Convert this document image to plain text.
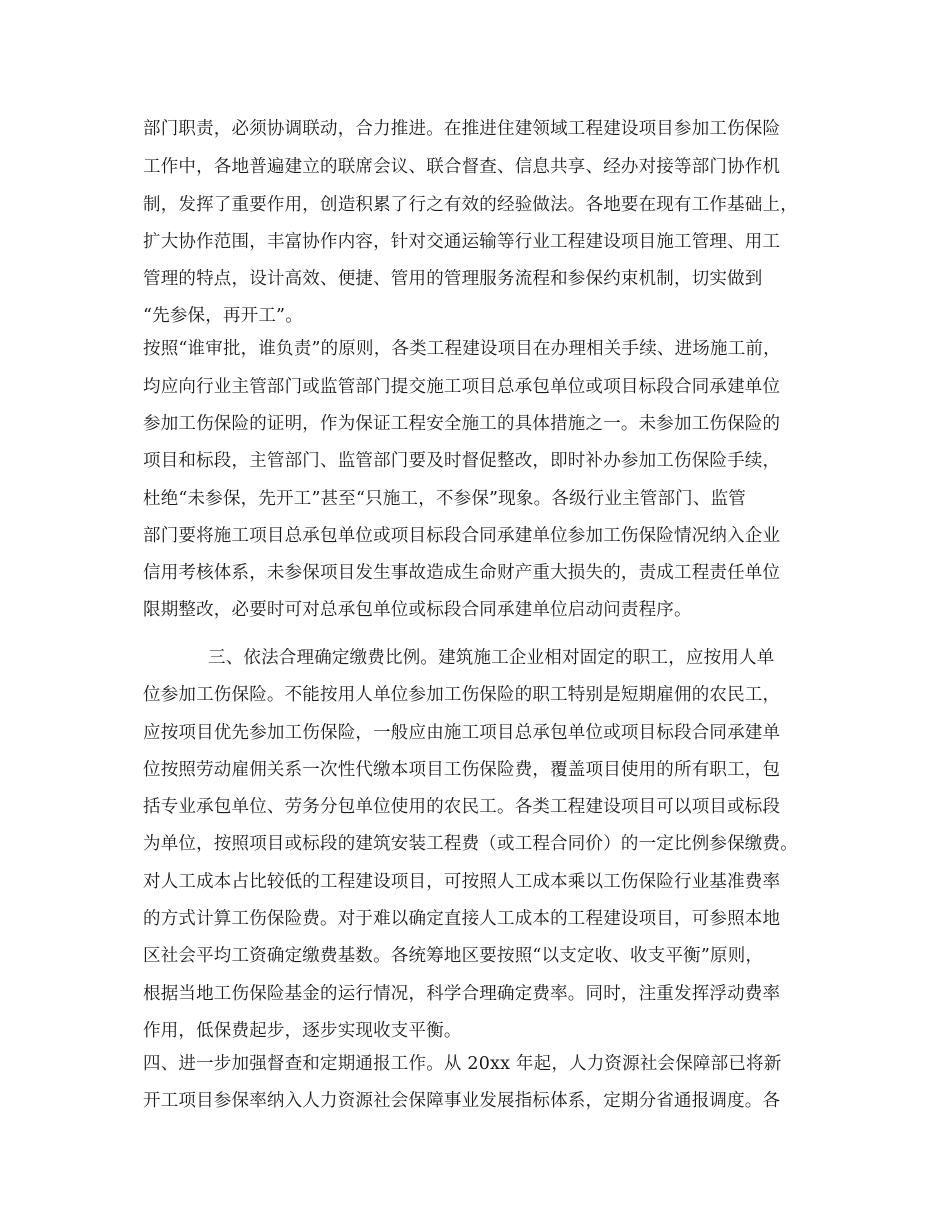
部门职责，必须协调联动，合力推进。在推进住建领域工程建设项目参加工伤保险
工作中，各地普遍建立的联席会议、联合督查、信息共享、经办对接等部门协作机
制，发挥了重要作用，创造积累了行之有效的经验做法。各地要在现有工作基础上，
扩大协作范围，丰富协作内容，针对交通运输等行业工程建设项目施工管理、用工
管理的特点，设计高效、便捷、管用的管理服务流程和参保约束机制，切实做到
“先参保，再开工”。
按照“谁审批，谁负责”的原则，各类工程建设项目在办理相关手续、进场施工前，
均应向行业主管部门或监管部门提交施工项目总承包单位或项目标段合同承建单位
参加工伤保险的证明，作为保证工程安全施工的具体措施之一。未参加工伤保险的
项目和标段，主管部门、监管部门要及时督促整改，即时补办参加工伤保险手续，
杜绝“未参保，先开工”甚至“只施工，不参保”现象。各级行业主管部门、监管
部门要将施工项目总承包单位或项目标段合同承建单位参加工伤保险情况纳入企业
信用考核体系，未参保项目发生事故造成生命财产重大损失的，责成工程责任单位
限期整改，必要时可对总承包单位或标段合同承建单位启动问责程序。
三、依法合理确定缴费比例。建筑施工企业相对固定的职工，应按用人单
位参加工伤保险。不能按用人单位参加工伤保险的职工特别是短期雇佣的农民工，
应按项目优先参加工伤保险，一般应由施工项目总承包单位或项目标段合同承建单
位按照劳动雇佣关系一次性代缴本项目工伤保险费，覆盖项目使用的所有职工，包
括专业承包单位、劳务分包单位使用的农民工。各类工程建设项目可以项目或标段
为单位，按照项目或标段的建筑安装工程费（或工程合同价）的一定比例参保缴费。
对人工成本占比较低的工程建设项目，可按照人工成本乘以工伤保险行业基准费率
的方式计算工伤保险费。对于难以确定直接人工成本的工程建设项目，可参照本地
区社会平均工资确定缴费基数。各统筹地区要按照“以支定收、收支平衡”原则，
根据当地工伤保险基金的运行情况，科学合理确定费率。同时，注重发挥浮动费率
作用，低保费起步，逐步实现收支平衡。
四、进一步加强督查和定期通报工作。从 20xx 年起，人力资源社会保障部已将新
开工项目参保率纳入人力资源社会保障事业发展指标体系，定期分省通报调度。各
